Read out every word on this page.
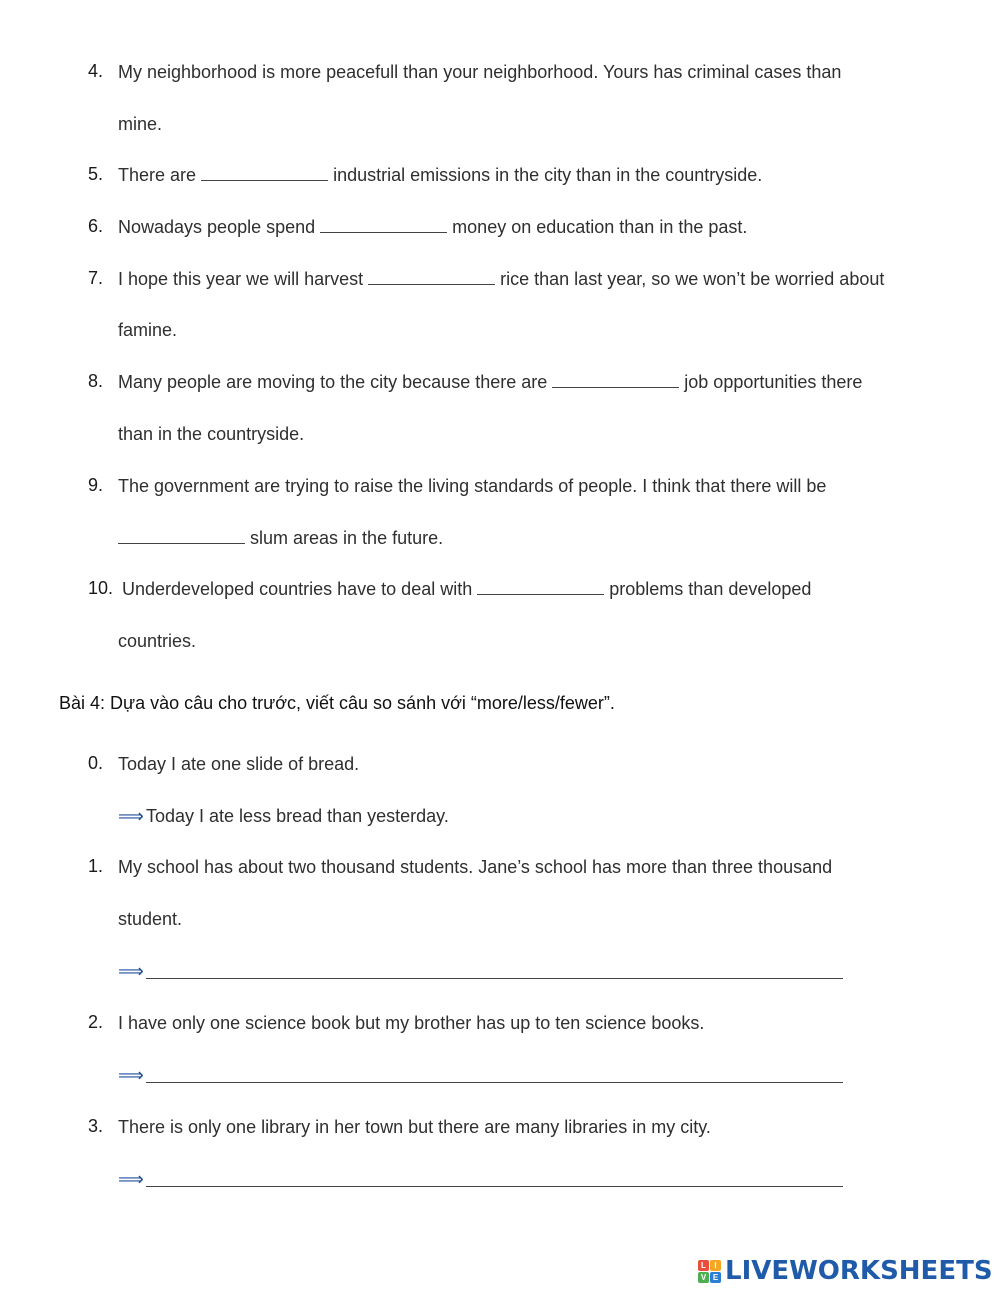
4. My neighborhood is more peacefull than your neighborhood. Yours has criminal cases than
mine.
5. There are	industrial emissions in the city than in the countryside.
6. Nowadays people spend	money on education than in the past.
7. I hope this year we will harvest	rice than last year, so we won’t be worried about
famine.
8. Many people are moving to the city because there are	job opportunities there
than in the countryside.
9. The government are trying to raise the living standards of people. I think that there will be
slum areas in the future.
10. Underdeveloped countries have to deal with	problems than developed
countries.
Bài 4: Dựa vào câu cho trước, viết câu so sánh với “more/less/fewer”.
0. Today I ate one slide of bread.
⟹ Today I ate less bread than yesterday.
1. My school has about two thousand students. Jane’s school has more than three thousand
student.
⟹
2. I have only one science book but my brother has up to ten science books.
⟹
3. There is only one library in her town but there are many libraries in my city.
⟹
L	I
V E LIVEWORKSHEETS
